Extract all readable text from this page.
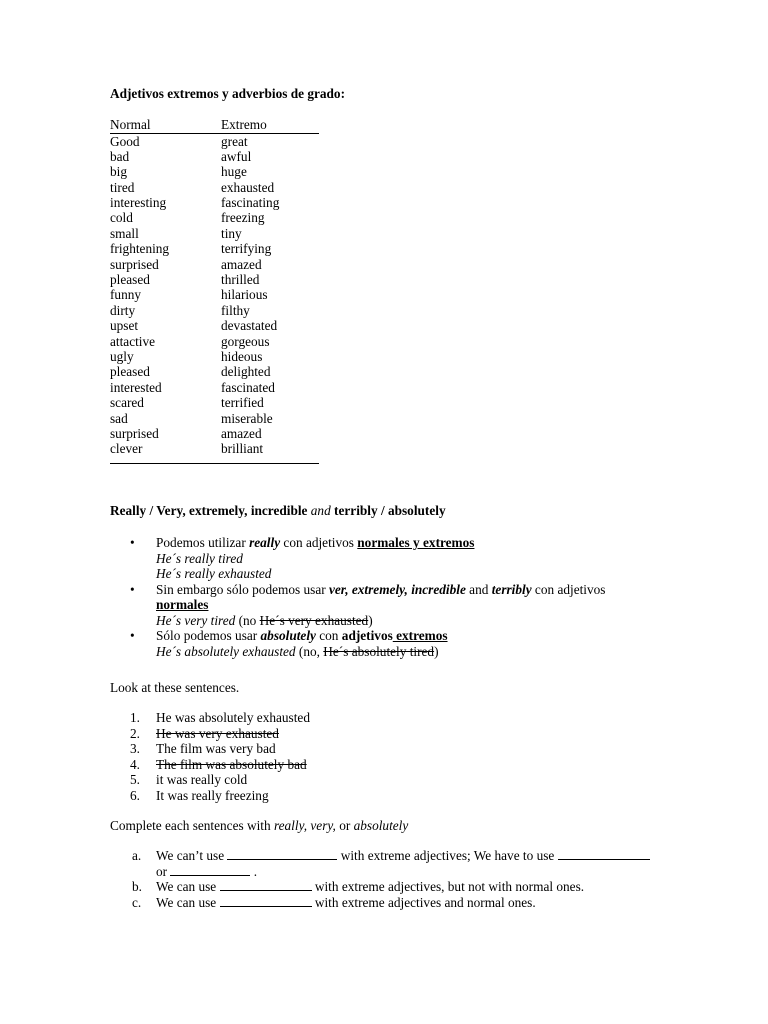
Adjetivos extremos y adverbios de grado:
Normal	Extremo
Good	great
bad	awful
big	huge
tired	exhausted
interesting	fascinating
cold	freezing
small	tiny
frightening	terrifying
surprised	amazed
pleased	thrilled
funny	hilarious
dirty	filthy
upset	devastated
attactive	gorgeous
ugly	hideous
pleased	delighted
interested	fascinated
scared	terrified
sad	miserable
surprised	amazed
clever	brilliant
Really / Very, extremely, incredible and terribly / absolutely
• Podemos utilizar really con adjetivos normales y extremos
He´s really tired
He´s really exhausted
• Sin embargo sólo podemos usar ver, extremely, incredible and terribly con adjetivos
normales
He´s very tired (no He´s very exhausted)
• Sólo podemos usar absolutely con adjetivos extremos
He´s absolutely exhausted (no, He´s absolutely tired)
Look at these sentences.
1. He was absolutely exhausted
2. He was very exhausted
3. The film was very bad
4. The film was absolutely bad
5. it was really cold
6. It was really freezing
Complete each sentences with really, very, or absolutely
a. We can’t use	with extreme adjectives; We have to use
or	.
b. We can use	with extreme adjectives, but not with normal ones.
c. We can use	with extreme adjectives and normal ones.
